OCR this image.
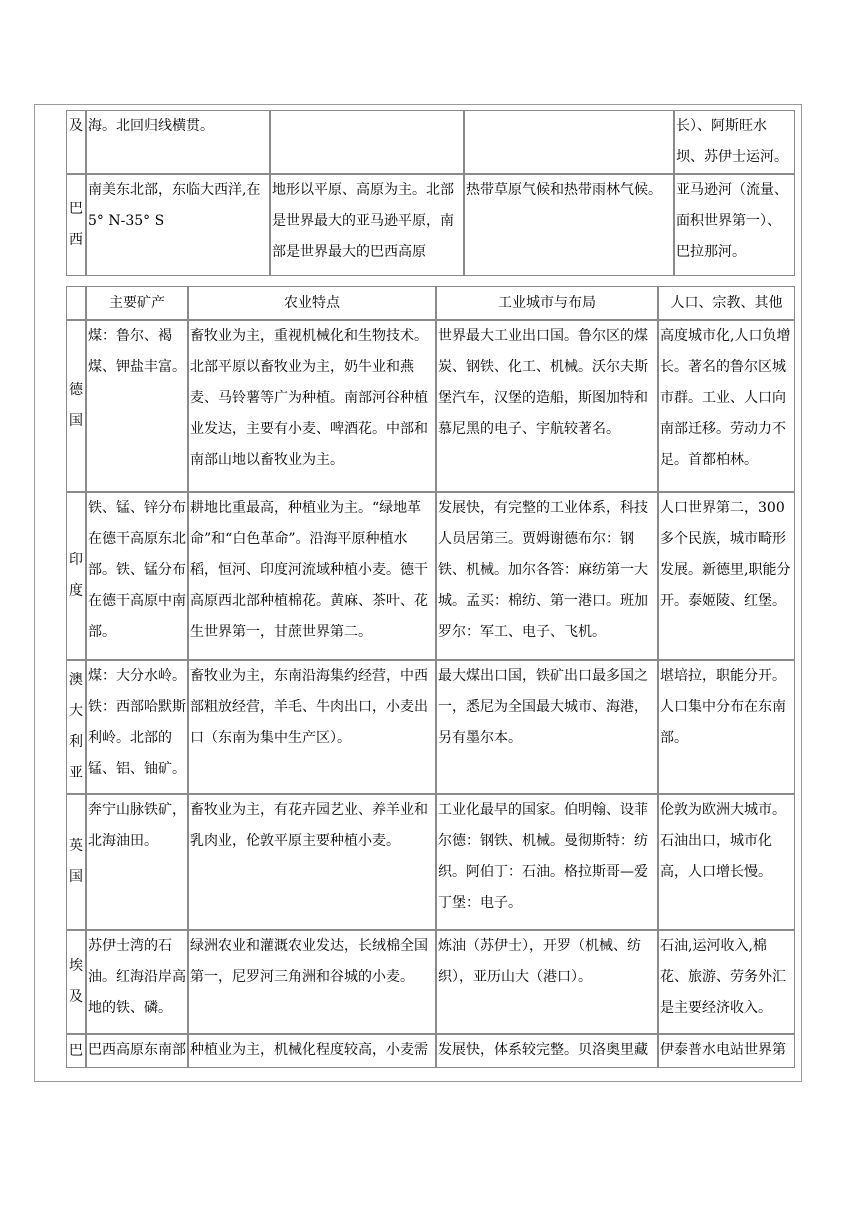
及	海。北回归线横贯。			长）、阿斯旺水坝、苏伊士运河。
巴西	南美东北部，东临大西洋,在5° N-35° S	地形以平原、高原为主。北部是世界最大的亚马逊平原，南部是世界最大的巴西高原	热带草原气候和热带雨林气候。	亚马逊河（流量、面积世界第一）、巴拉那河。
	主要矿产	农业特点	工业城市与布局	人口、宗教、其他
德国	煤：鲁尔、褐煤、钾盐丰富。	畜牧业为主，重视机械化和生物技术。北部平原以畜牧业为主，奶牛业和燕麦、马铃薯等广为种植。南部河谷种植业发达，主要有小麦、啤酒花。中部和南部山地以畜牧业为主。	世界最大工业出口国。鲁尔区的煤炭、钢铁、化工、机械。沃尔夫斯堡汽车，汉堡的造船，斯图加特和慕尼黑的电子、宇航较著名。	高度城市化,人口负增长。著名的鲁尔区城市群。工业、人口向南部迁移。劳动力不足。首都柏林。
印度	铁、锰、锌分布在德干高原东北部。铁、锰分布在德干高原中南部。	耕地比重最高，种植业为主。“绿地革命”和“白色革命”。沿海平原种植水稻，恒河、印度河流域种植小麦。德干高原西北部种植棉花。黄麻、茶叶、花生世界第一，甘蔗世界第二。	发展快，有完整的工业体系，科技人员居第三。贾姆谢德布尔：钢铁、机械。加尔各答：麻纺第一大城。孟买：棉纺、第一港口。班加罗尔：军工、电子、飞机。	人口世界第二，300多个民族，城市畸形发展。新德里,职能分开。泰姬陵、红堡。
澳大利亚	煤：大分水岭。铁：西部哈默斯利岭。北部的锰、铝、铀矿。	畜牧业为主，东南沿海集约经营，中西部粗放经营，羊毛、牛肉出口，小麦出口（东南为集中生产区）。	最大煤出口国，铁矿出口最多国之一，悉尼为全国最大城市、海港，另有墨尔本。	堪培拉，职能分开。人口集中分布在东南部。
英国	奔宁山脉铁矿，北海油田。	畜牧业为主，有花卉园艺业、养羊业和乳肉业，伦敦平原主要种植小麦。	工业化最早的国家。伯明翰、设菲尔德：钢铁、机械。曼彻斯特：纺织。阿伯丁：石油。格拉斯哥—爱丁堡：电子。	伦敦为欧洲大城市。石油出口，城市化高，人口增长慢。
埃及	苏伊士湾的石油。红海沿岸高地的铁、磷。	绿洲农业和灌溉农业发达，长绒棉全国第一，尼罗河三角洲和谷城的小麦。	炼油（苏伊士），开罗（机械、纺织），亚历山大（港口）。	石油,运河收入,棉花、旅游、劳务外汇是主要经济收入。
巴	巴西高原东南部	种植业为主，机械化程度较高，小麦需	发展快，体系较完整。贝洛奥里藏	伊泰普水电站世界第
